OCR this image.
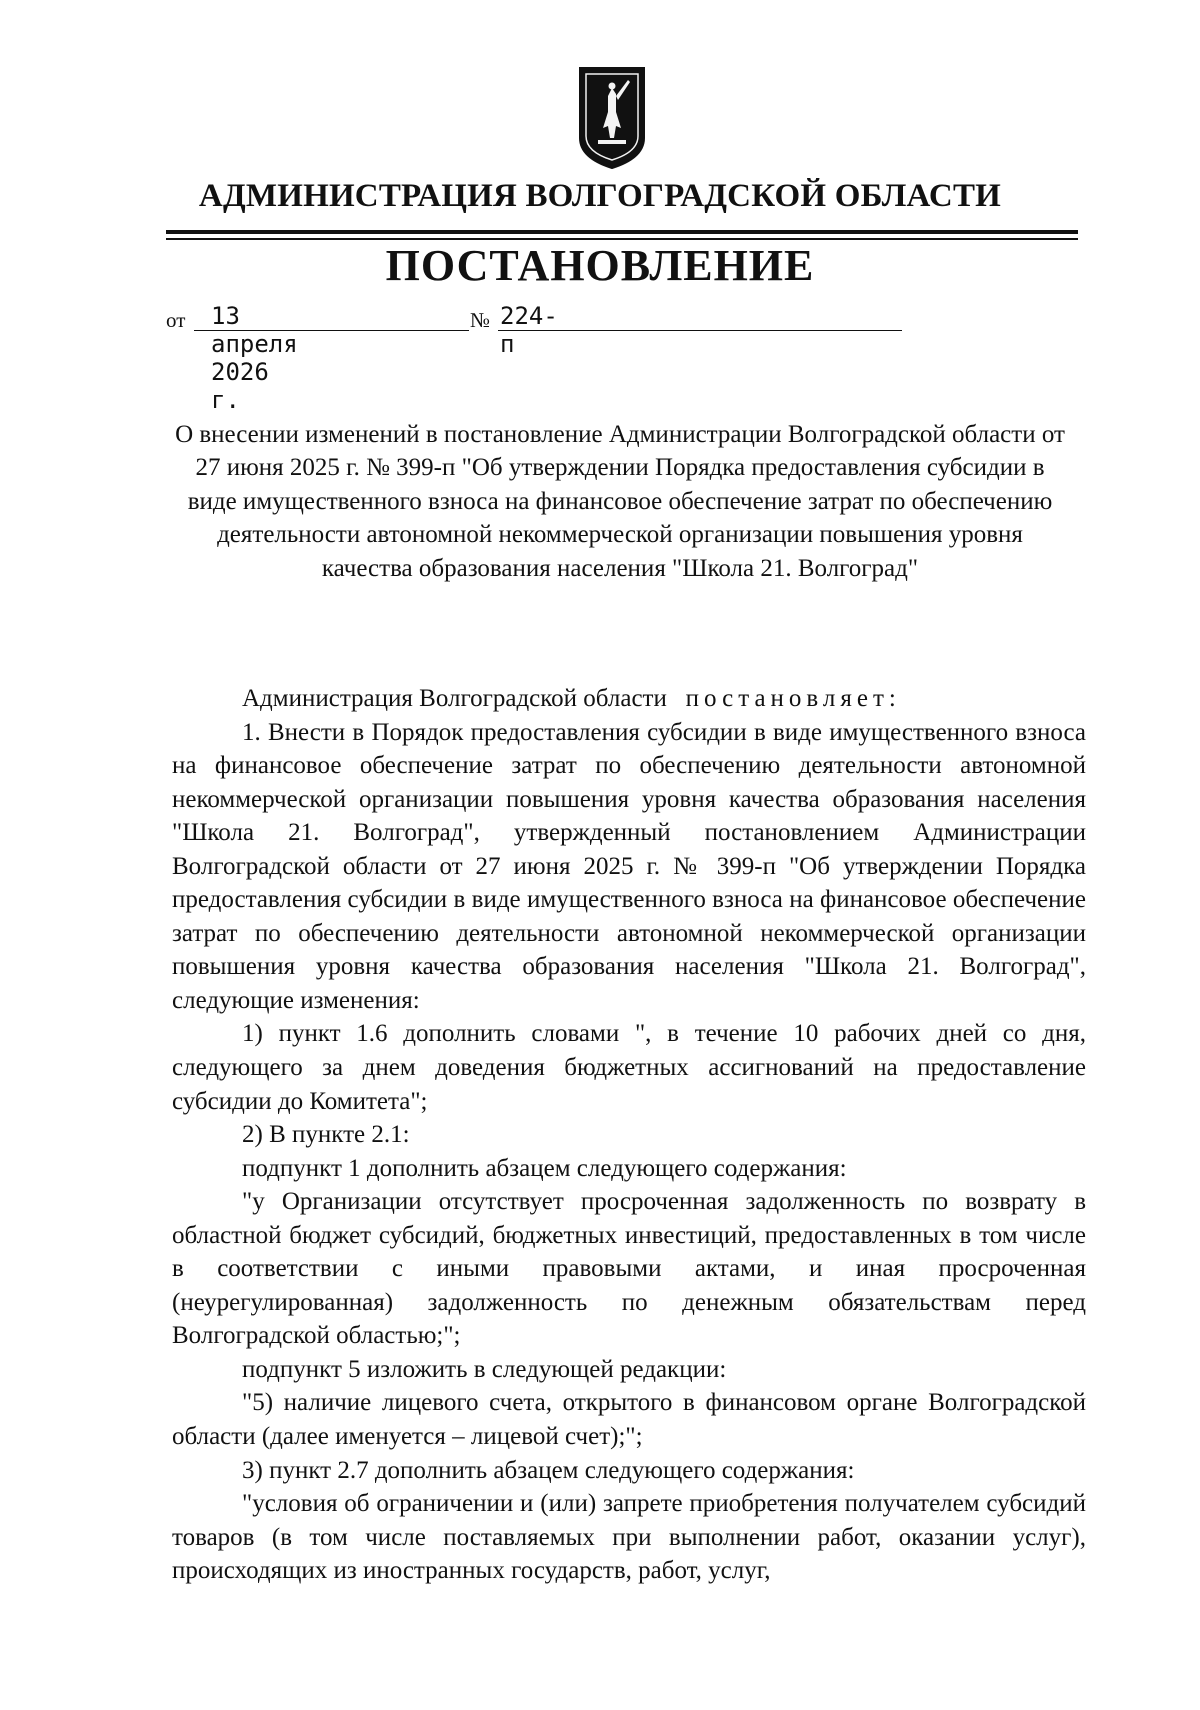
АДМИНИСТРАЦИЯ ВОЛГОГРАДСКОЙ ОБЛАСТИ
ПОСТАНОВЛЕНИЕ
от 13 апреля 2026 г.
№ 224-п

О внесении изменений в постановление Администрации Волгоградской области от 27 июня 2025 г. № 399-п "Об утверждении Порядка предоставления субсидии в виде имущественного взноса на финансовое обеспечение затрат по обеспечению деятельности автономной некоммерческой организации повышения уровня качества образования населения "Школа 21. Волгоград"

Администрация Волгоградской области постановляет:

1. Внести в Порядок предоставления субсидии в виде имущественного взноса на финансовое обеспечение затрат по обеспечению деятельности автономной некоммерческой организации повышения уровня качества образования населения "Школа 21. Волгоград", утвержденный постановлением Администрации Волгоградской области от 27 июня 2025 г. № 399-п "Об утверждении Порядка предоставления субсидии в виде имущественного взноса на финансовое обеспечение затрат по обеспечению деятельности автономной некоммерческой организации повышения уровня качества образования населения "Школа 21. Волгоград", следующие изменения:

1) пункт 1.6 дополнить словами ", в течение 10 рабочих дней со дня, следующего за днем доведения бюджетных ассигнований на предоставление субсидии до Комитета";

2) В пункте 2.1:

подпункт 1 дополнить абзацем следующего содержания:

"у Организации отсутствует просроченная задолженность по возврату в областной бюджет субсидий, бюджетных инвестиций, предоставленных в том числе в соответствии с иными правовыми актами, и иная просроченная (неурегулированная) задолженность по денежным обязательствам перед Волгоградской областью;";

подпункт 5 изложить в следующей редакции:

"5) наличие лицевого счета, открытого в финансовом органе Волгоградской области (далее именуется – лицевой счет);";

3) пункт 2.7 дополнить абзацем следующего содержания:

"условия об ограничении и (или) запрете приобретения получателем субсидий товаров (в том числе поставляемых при выполнении работ, оказании услуг), происходящих из иностранных государств, работ, услуг,
